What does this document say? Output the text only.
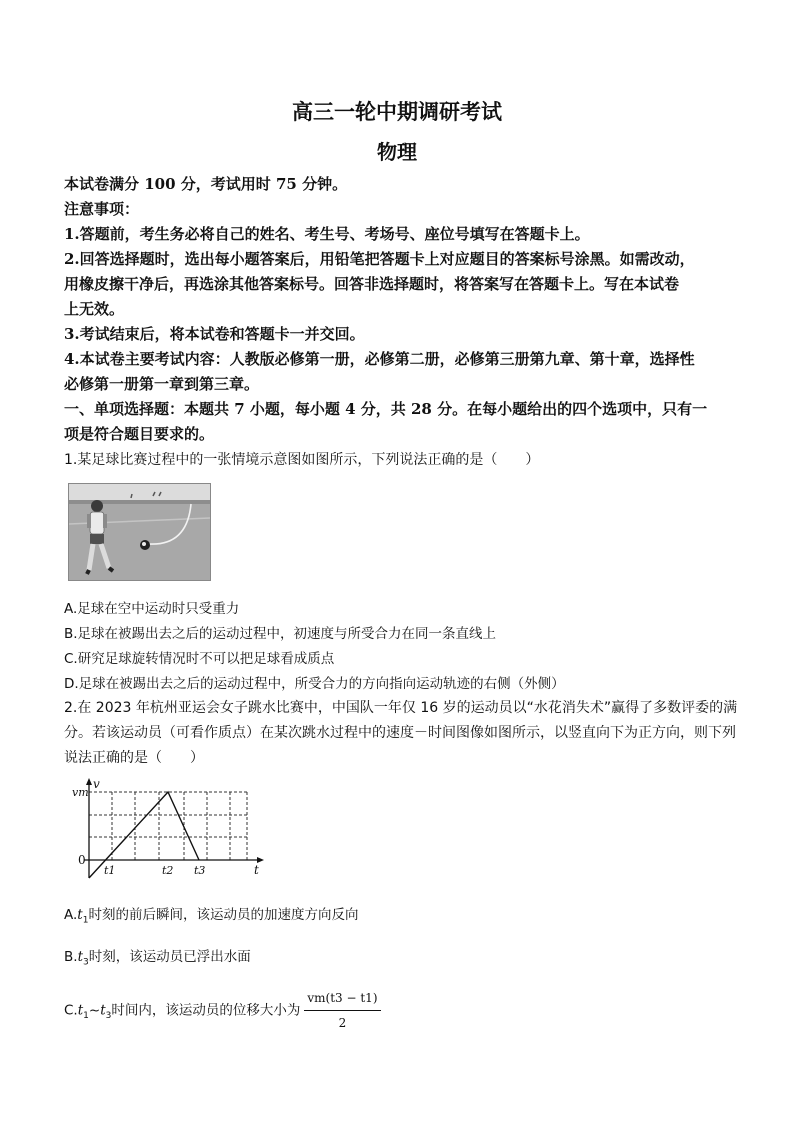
高三一轮中期调研考试
物理
本试卷满分 100 分，考试用时 75 分钟。
注意事项：
1.答题前，考生务必将自己的姓名、考生号、考场号、座位号填写在答题卡上。
2.回答选择题时，选出每小题答案后，用铅笔把答题卡上对应题目的答案标号涂黑。如需改动，
用橡皮擦干净后，再选涂其他答案标号。回答非选择题时，将答案写在答题卡上。写在本试卷
上无效。
3.考试结束后，将本试卷和答题卡一并交回。
4.本试卷主要考试内容：人教版必修第一册，必修第二册，必修第三册第九章、第十章，选择性
必修第一册第一章到第三章。
一、单项选择题：本题共 7 小题，每小题 4 分，共 28 分。在每小题给出的四个选项中，只有一
项是符合题目要求的。
1.某足球比赛过程中的一张情境示意图如图所示，下列说法正确的是（　　）
A.足球在空中运动时只受重力
B.足球在被踢出去之后的运动过程中，初速度与所受合力在同一条直线上
C.研究足球旋转情况时不可以把足球看成质点
D.足球在被踢出去之后的运动过程中，所受合力的方向指向运动轨迹的右侧（外侧）
2.在 2023 年杭州亚运会女子跳水比赛中，中国队一年仅 16 岁的运动员以“水花消失术”赢得了多数评委的满
分。若该运动员（可看作质点）在某次跳水过程中的速度－时间图像如图所示，以竖直向下为正方向，则下列
说法正确的是（　　）
v
vm
0
t1	t2 t3	t
$A.t_1$时刻的前后瞬间，该运动员的加速度方向反向
$B.t_3$时刻，该运动员已浮出水面
$C.t_1\sim t_3$时间内，该运动员的位移大小为 $\frac{vm(t3 - t1)}{2}$
